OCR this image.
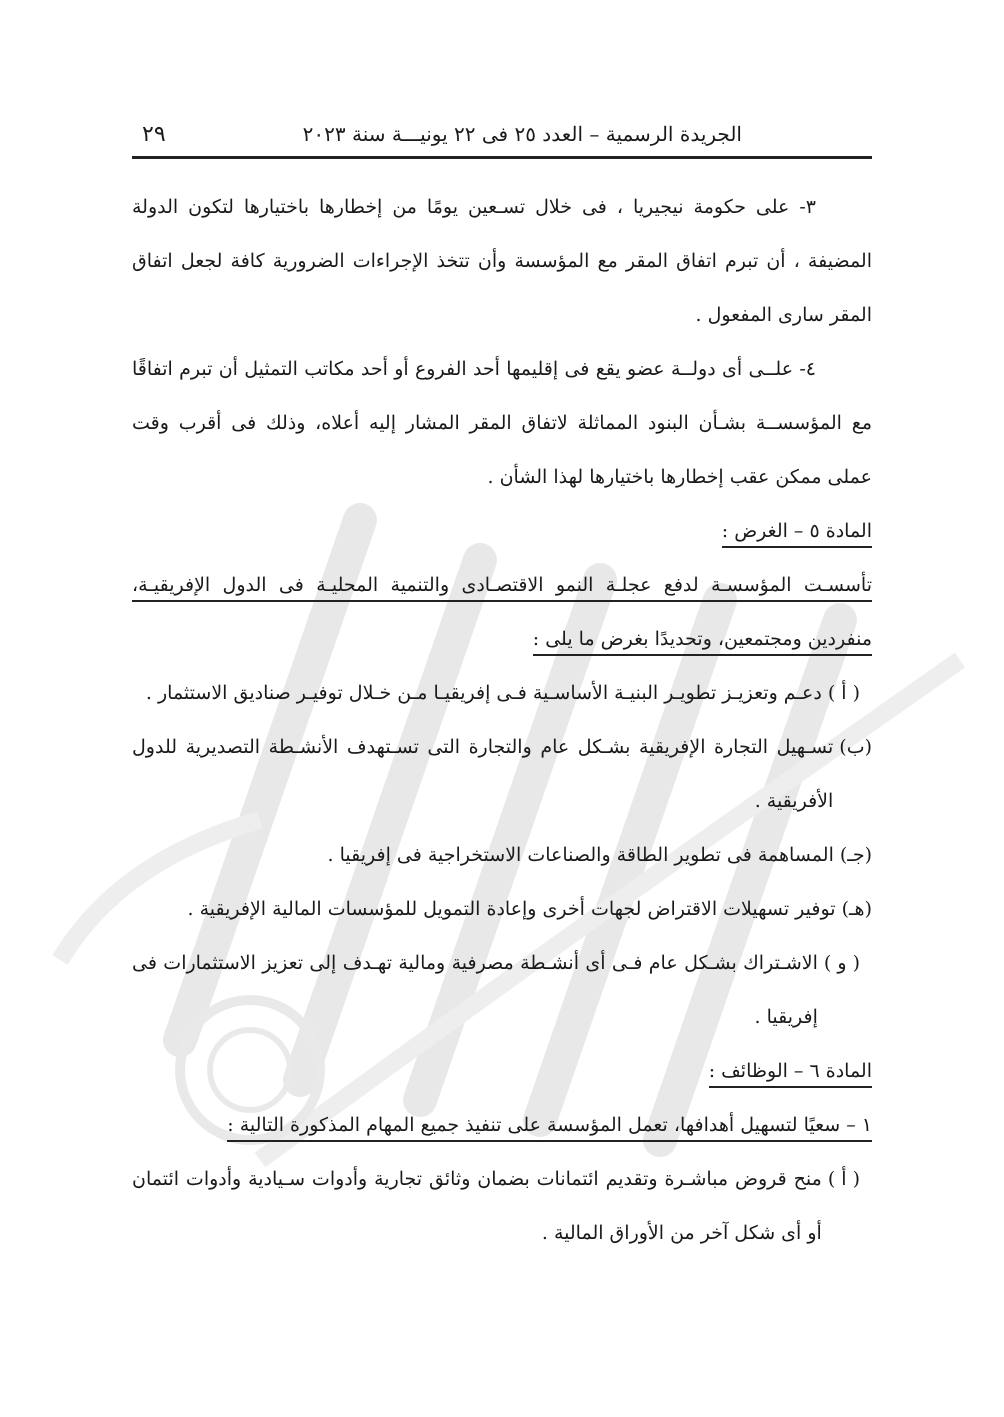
الجريدة الرسمية – العدد ٢٥ فى ٢٢ يونيـــة سنة ٢٠٢٣
٢٩

٣- على حكومة نيجيريا ، فى خلال تسـعين يومًا من إخطارها باختيارها لتكون الدولة المضيفة ، أن تبرم اتفاق المقر مع المؤسسة وأن تتخذ الإجراءات الضرورية كافة لجعل اتفاق المقر سارى المفعول .

٤- علــى أى دولــة عضو يقع فى إقليمها أحد الفروع أو أحد مكاتب التمثيل أن تبرم اتفاقًا مع المؤسســة بشـأن البنود المماثلة لاتفاق المقر المشار إليه أعلاه، وذلك فى أقرب وقت عملى ممكن عقب إخطارها باختيارها لهذا الشأن .

المادة ٥ – الغرض :

تأسسـت المؤسسـة لدفع عجلـة النمو الاقتصـادى والتنمية المحليـة فى الدول الإفريقيـة، منفردين ومجتمعين، وتحديدًا بغرض ما يلى :

( أ )
دعـم وتعزيـز تطويـر البنيـة الأساسـية فـى إفريقيـا مـن خـلال توفيـر صناديق الاستثمار .
(ب)
تسـهيل التجارة الإفريقية بشـكل عام والتجارة التى تسـتهدف الأنشـطة التصديرية للدول الأفريقية .
(جـ)
المساهمة فى تطوير الطاقة والصناعات الاستخراجية فى إفريقيا .
(هـ)
توفير تسهيلات الاقتراض لجهات أخرى وإعادة التمويل للمؤسسات المالية الإفريقية .
( و )
الاشـتراك بشـكل عام فـى أى أنشـطة مصرفية ومالية تهـدف إلى تعزيز الاستثمارات فى إفريقيا .

المادة ٦ – الوظائف :

١ – سعيًا لتسهيل أهدافها، تعمل المؤسسة على تنفيذ جميع المهام المذكورة التالية :

( أ )
منح قروض مباشـرة وتقديم ائتمانات بضمان وثائق تجارية وأدوات سـيادية وأدوات ائتمان أو أى شكل آخر من الأوراق المالية .
